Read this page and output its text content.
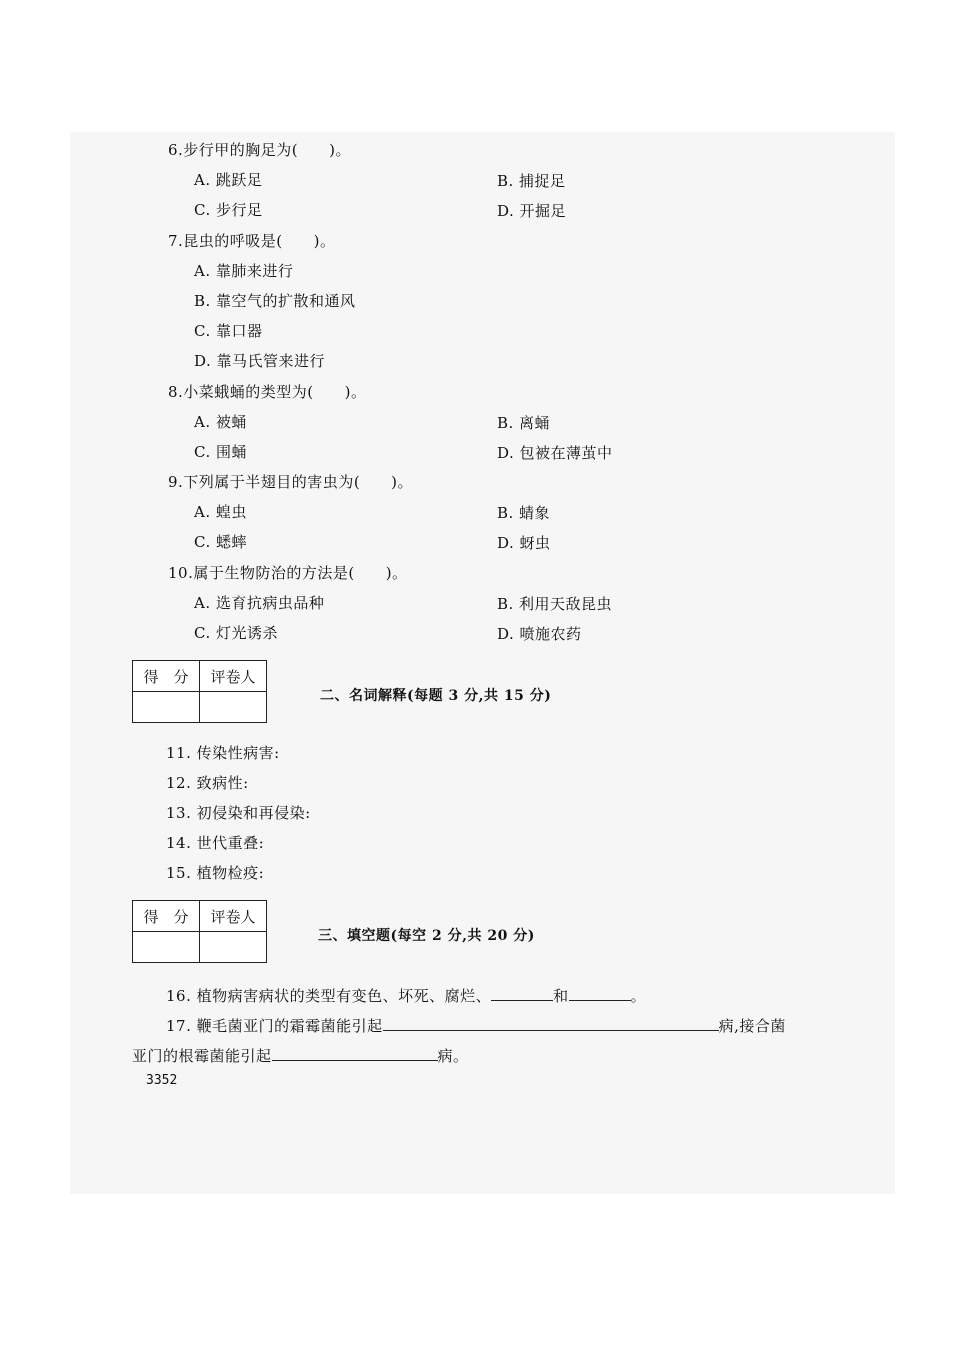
6.步行甲的胸足为(　　)。
A. 跳跃足	B. 捕捉足
C. 步行足	D. 开掘足
7.昆虫的呼吸是(　　)。
A. 靠肺来进行
B. 靠空气的扩散和通风
C. 靠口器
D. 靠马氏管来进行
8.小菜蛾蛹的类型为(　　)。
A. 被蛹	B. 离蛹
C. 围蛹	D. 包被在薄茧中
9.下列属于半翅目的害虫为(　　)。
A. 蝗虫	B. 蜻象
C. 蟋蟀	D. 蚜虫
10.属于生物防治的方法是(　　)。
A. 选育抗病虫品种	B. 利用天敌昆虫
C. 灯光诱杀	D. 喷施农药
得　分	评卷人

二、名词解释(每题 3 分,共 15 分)
11. 传染性病害:
12. 致病性:
13. 初侵染和再侵染:
14. 世代重叠:
15. 植物检疫:
得　分	评卷人

三、填空题(每空 2 分,共 20 分)
16. 植物病害病状的类型有变色、坏死、腐烂、	和	。
17. 鞭毛菌亚门的霜霉菌能引起	病,接合菌
亚门的根霉菌能引起	病。
3352
